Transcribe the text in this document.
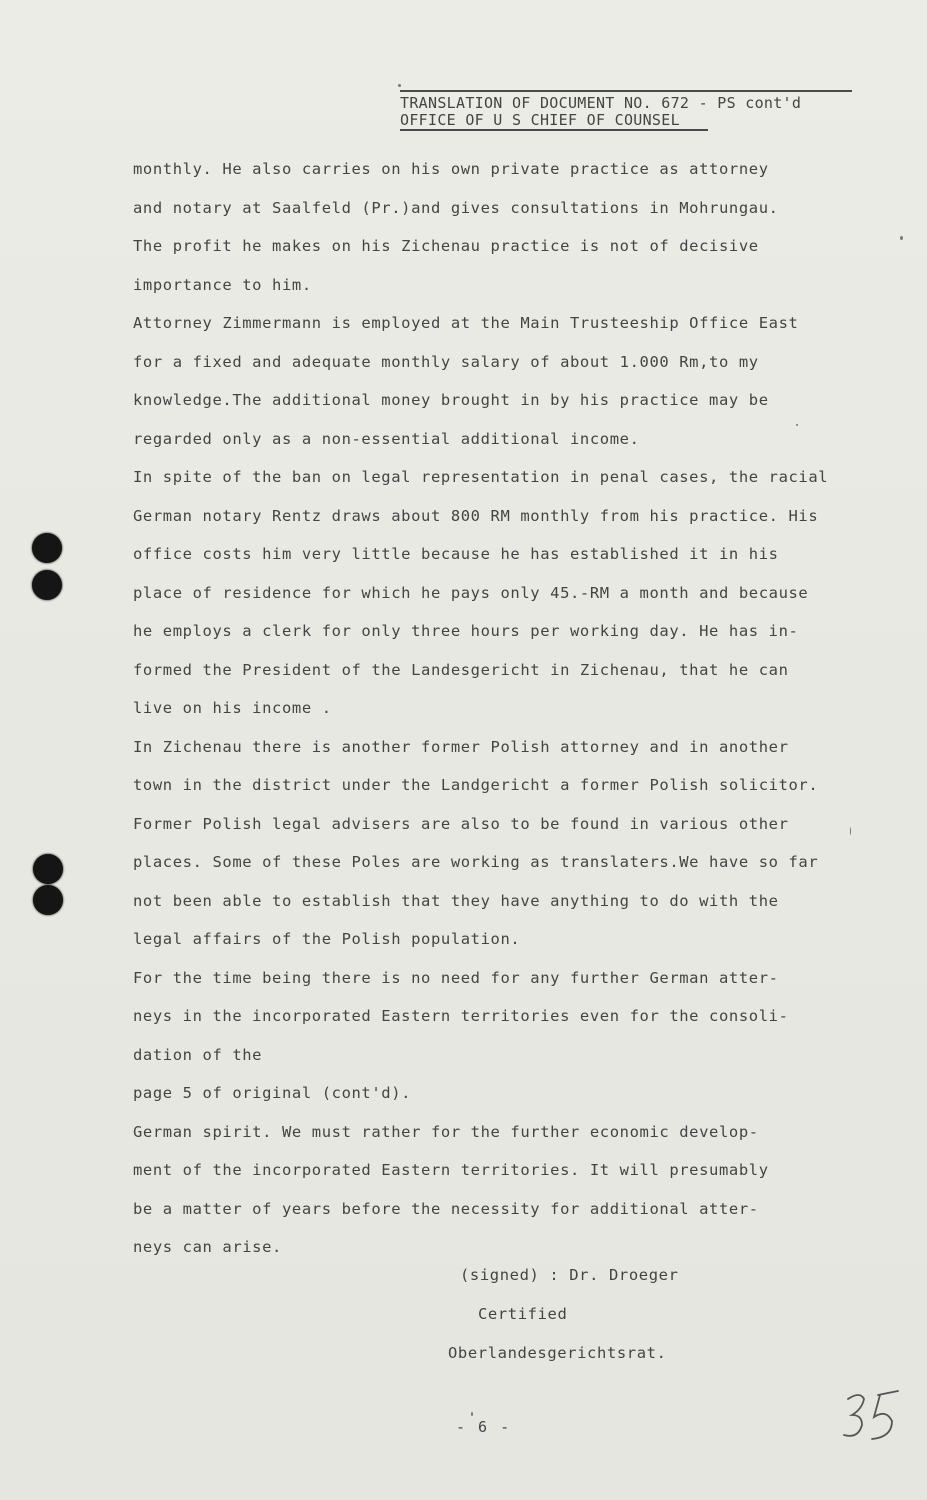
TRANSLATION OF DOCUMENT NO. 672 - PS cont'd
OFFICE OF U S CHIEF OF COUNSEL
monthly. He also carries on his own private practice as attorney
and notary at Saalfeld (Pr.)and gives consultations in Mohrungau.
The profit he makes on his Zichenau practice is not of decisive
importance to him.
Attorney Zimmermann is employed at the Main Trusteeship Office East
for a fixed and adequate monthly salary of about 1.000 Rm,to my
knowledge.The additional money brought in by his practice may be
regarded only as a non-essential additional income.
In spite of the ban on legal representation in penal cases, the racial
German notary Rentz draws about 800 RM monthly from his practice. His
office costs him very little because he has established it in his
place of residence for which he pays only 45.-RM a month and because
he employs a clerk for only three hours per working day. He has in-
formed the President of the Landesgericht in Zichenau, that he can
live on his income .
In Zichenau there is another former Polish attorney and in another
town in the district under the Landgericht a former Polish solicitor.
Former Polish legal advisers are also to be found in various other
places. Some of these Poles are working as translaters.We have so far
not been able to establish that they have anything to do with the
legal affairs of the Polish population.
For the time being there is no need for any further German atter-
neys in the incorporated Eastern territories even for the consoli-
dation of the
page 5 of original (cont'd).
German spirit. We must rather for the further economic develop-
ment of the incorporated Eastern territories. It will presumably
be a matter of years before the necessity for additional atter-
neys can arise.
(signed) : Dr. Droeger
Certified
Oberlandesgerichtsrat.
- 6 -
